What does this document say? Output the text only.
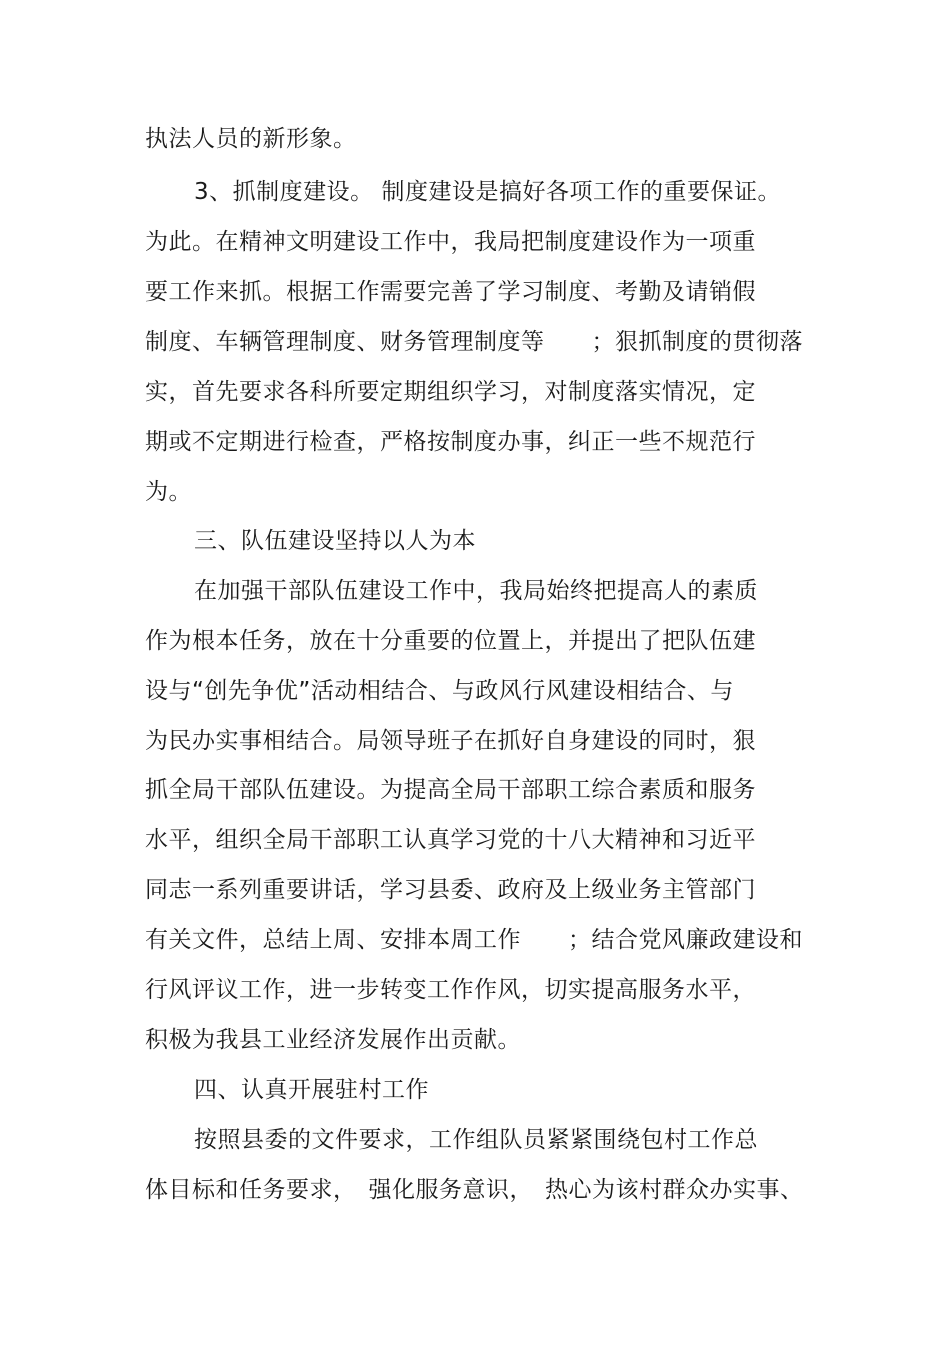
执法人员的新形象。
3、抓制度建设。 制度建设是搞好各项工作的重要保证。
为此。在精神文明建设工作中，我局把制度建设作为一项重
要工作来抓。根据工作需要完善了学习制度、考勤及请销假
制度、车辆管理制度、财务管理制度等　　；狠抓制度的贯彻落
实，首先要求各科所要定期组织学习，对制度落实情况，定
期或不定期进行检查，严格按制度办事，纠正一些不规范行
为。
三、队伍建设坚持以人为本
在加强干部队伍建设工作中，我局始终把提高人的素质
作为根本任务，放在十分重要的位置上，并提出了把队伍建
设与“创先争优”活动相结合、与政风行风建设相结合、与
为民办实事相结合。局领导班子在抓好自身建设的同时，狠
抓全局干部队伍建设。为提高全局干部职工综合素质和服务
水平，组织全局干部职工认真学习党的十八大精神和习近平
同志一系列重要讲话，学习县委、政府及上级业务主管部门
有关文件，总结上周、安排本周工作　　；结合党风廉政建设和
行风评议工作，进一步转变工作作风，切实提高服务水平，
积极为我县工业经济发展作出贡献。
四、认真开展驻村工作
按照县委的文件要求，工作组队员紧紧围绕包村工作总
体目标和任务要求，　强化服务意识，　热心为该村群众办实事、
